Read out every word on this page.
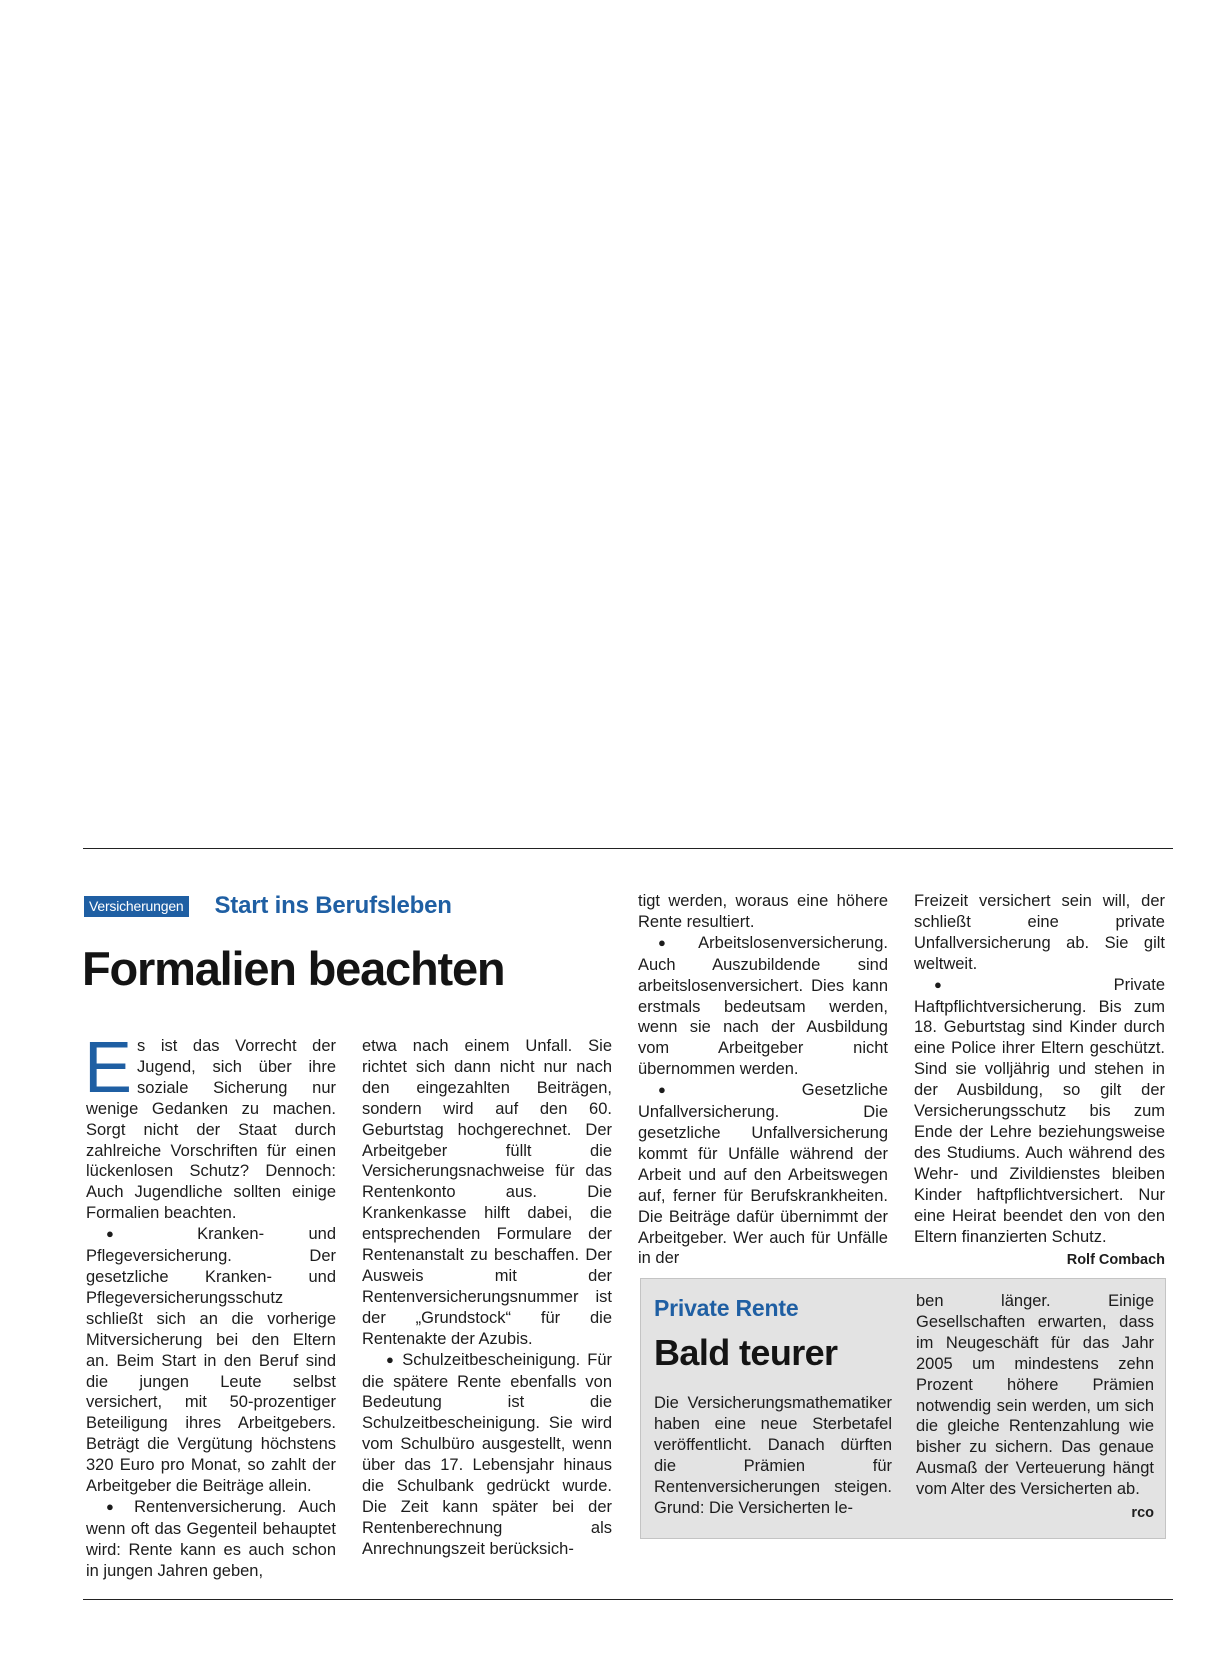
Versicherungen Start ins Berufsleben
Formalien beachten

Es ist das Vorrecht der Jugend, sich über ihre soziale Sicherung nur wenige Gedanken zu machen. Sorgt nicht der Staat durch zahlreiche Vorschriften für einen lückenlosen Schutz? Dennoch: Auch Jugendliche sollten einige Formalien beachten.

● Kranken- und Pflegeversicherung. Der gesetzliche Kranken- und Pflegeversicherungsschutz schließt sich an die vorherige Mitversicherung bei den Eltern an. Beim Start in den Beruf sind die jungen Leute selbst versichert, mit 50-prozentiger Beteiligung ihres Arbeitgebers. Beträgt die Vergütung höchstens 320 Euro pro Monat, so zahlt der Arbeitgeber die Beiträge allein.

● Rentenversicherung. Auch wenn oft das Gegenteil behauptet wird: Rente kann es auch schon in jungen Jahren geben,

etwa nach einem Unfall. Sie richtet sich dann nicht nur nach den eingezahlten Beiträgen, sondern wird auf den 60. Geburtstag hochgerechnet. Der Arbeitgeber füllt die Versicherungsnachweise für das Rentenkonto aus. Die Krankenkasse hilft dabei, die entsprechenden Formulare der Rentenanstalt zu beschaffen. Der Ausweis mit der Rentenversicherungsnummer ist der „Grundstock“ für die Rentenakte der Azubis.

● Schulzeitbescheinigung. Für die spätere Rente ebenfalls von Bedeutung ist die Schulzeitbescheinigung. Sie wird vom Schulbüro ausgestellt, wenn über das 17. Lebensjahr hinaus die Schulbank gedrückt wurde. Die Zeit kann später bei der Rentenberechnung als Anrechnungszeit berücksich-

tigt werden, woraus eine höhere Rente resultiert.

● Arbeitslosenversicherung. Auch Auszubildende sind arbeitslosenversichert. Dies kann erstmals bedeutsam werden, wenn sie nach der Ausbildung vom Arbeitgeber nicht übernommen werden.

● Gesetzliche Unfallversicherung. Die gesetzliche Unfallversicherung kommt für Unfälle während der Arbeit und auf den Arbeitswegen auf, ferner für Berufskrankheiten. Die Beiträge dafür übernimmt der Arbeitgeber. Wer auch für Unfälle in der

Freizeit versichert sein will, der schließt eine private Unfallversicherung ab. Sie gilt weltweit.

● Private Haftpflichtversicherung. Bis zum 18. Geburtstag sind Kinder durch eine Police ihrer Eltern geschützt. Sind sie volljährig und stehen in der Ausbildung, so gilt der Versicherungsschutz bis zum Ende der Lehre beziehungsweise des Studiums. Auch während des Wehr- und Zivildienstes bleiben Kinder haftpflichtversichert. Nur eine Heirat beendet den von den Eltern finanzierten Schutz.
Rolf Combach

Private Rente
Bald teurer

Die Versicherungsmathematiker haben eine neue Sterbetafel veröffentlicht. Danach dürften die Prämien für Rentenversicherungen steigen. Grund: Die Versicherten le-

ben länger. Einige Gesellschaften erwarten, dass im Neugeschäft für das Jahr 2005 um mindestens zehn Prozent höhere Prämien notwendig sein werden, um sich die gleiche Rentenzahlung wie bisher zu sichern. Das genaue Ausmaß der Verteuerung hängt vom Alter des Versicherten ab.
rco
